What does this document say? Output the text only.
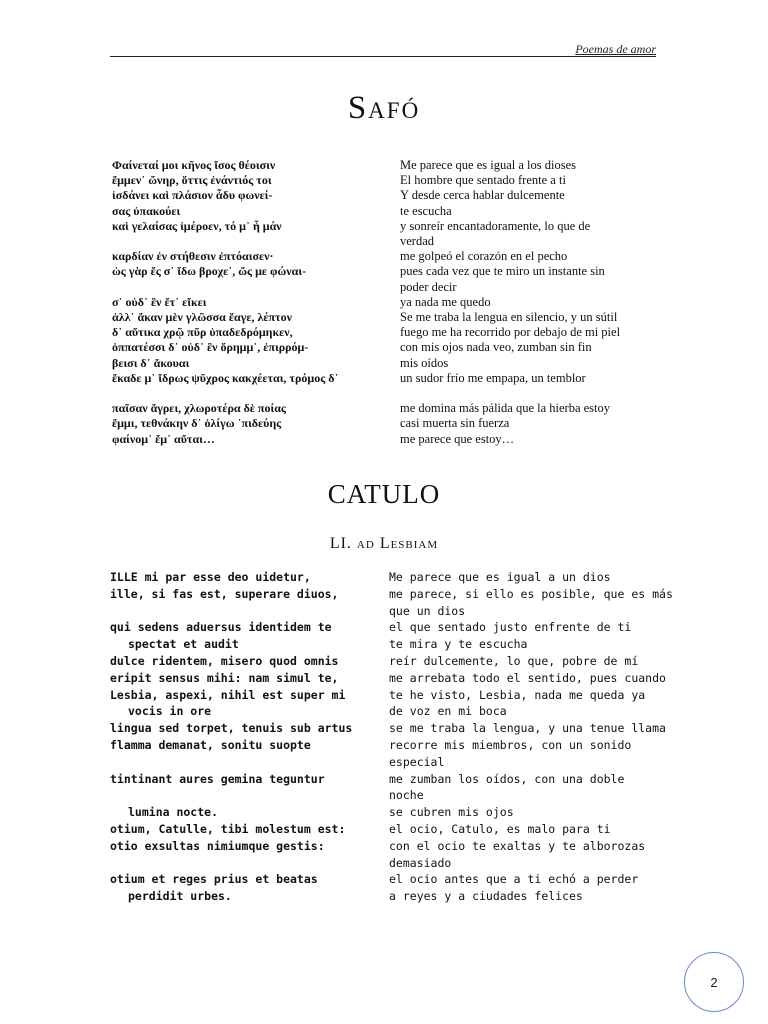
Poemas de amor
Safó
Φαίνεταί μοι κῆνος ἴσος θέοισιν
ἔμμεν᾽ ὤνηρ, ὅττις ἐνάντιός τοι
ἰσδάνει καὶ πλάσιον ἆδυ φωνεί-
σας ὐπακούει
καὶ γελαίσας ἰμέροεν, τό μ᾽ ἦ μάν

καρδίαν ἐν στήθεσιν ἐπτόαισεν·
ὠς γὰρ ἔς σ᾽ ἴδω βροχε᾽, ὤς με φώναι-

σ᾽ οὐδ᾽ ἒν ἔτ᾽ εἴκει
ἀλλ᾽ ἄκαν μὲν γλῶσσα ἔαγε, λέπτον
δ᾽ αὔτικα χρῷ πῦρ ὑπαδεδρόμηκεν,
ὀππατέσσι δ᾽ οὐδ᾽ ἒν ὄρημμ᾽, ἐπιρρόμ-
βεισι δ᾽ ἄκουαι
ἔκαδε μ᾽ ἴδρως ψῦχρος κακχέεται, τρόμος δ᾽

παῖσαν ἄγρει, χλωροτέρα δὲ ποίας
ἔμμι, τεθνάκην δ᾽ ὀλίγω ᾽πιδεύης
φαίνομ᾽ ἔμ᾽ αὔται…
Me parece que es igual a los dioses
El hombre que sentado frente a ti
Y desde cerca hablar dulcemente
te escucha
y sonreír encantadoramente, lo que de
verdad
me golpeó el corazón en el pecho
pues cada vez que te miro un instante sin
poder decir
ya nada me quedo
Se me traba la lengua en silencio, y un sútil
fuego me ha recorrido por debajo de mi piel
con mis ojos nada veo, zumban sin fin
mis oídos
un sudor frío me empapa, un temblor

me domina más pálida que la hierba estoy
casi muerta sin fuerza
me parece que estoy…
CATULO
LI. ad Lesbiam
ILLE mi par esse deo uidetur,
ille, si fas est, superare diuos,

qui sedens aduersus identidem te
spectat et audit
dulce ridentem, misero quod omnis
eripit sensus mihi: nam simul te,
Lesbia, aspexi, nihil est super mi
vocis in ore
lingua sed torpet, tenuis sub artus
flamma demanat, sonitu suopte

tintinant aures gemina teguntur

lumina nocte.
otium, Catulle, tibi molestum est:
otio exsultas nimiumque gestis:

otium et reges prius et beatas
perdidit urbes.
Me parece que es igual a un dios
me parece, si ello es posible, que es más
que un dios
el que sentado justo enfrente de ti
te mira y te escucha
reír dulcemente, lo que, pobre de mí
me arrebata todo el sentido, pues cuando
te he visto, Lesbia, nada me queda ya
de voz en mi boca
se me traba la lengua, y una tenue llama
recorre mis miembros, con un sonido
especial
me zumban los oídos, con una doble
noche
se cubren mis ojos
el ocio, Catulo, es malo para ti
con el ocio te exaltas y te alborozas
demasiado
el ocio antes que a ti echó a perder
a reyes y a ciudades felices
2
